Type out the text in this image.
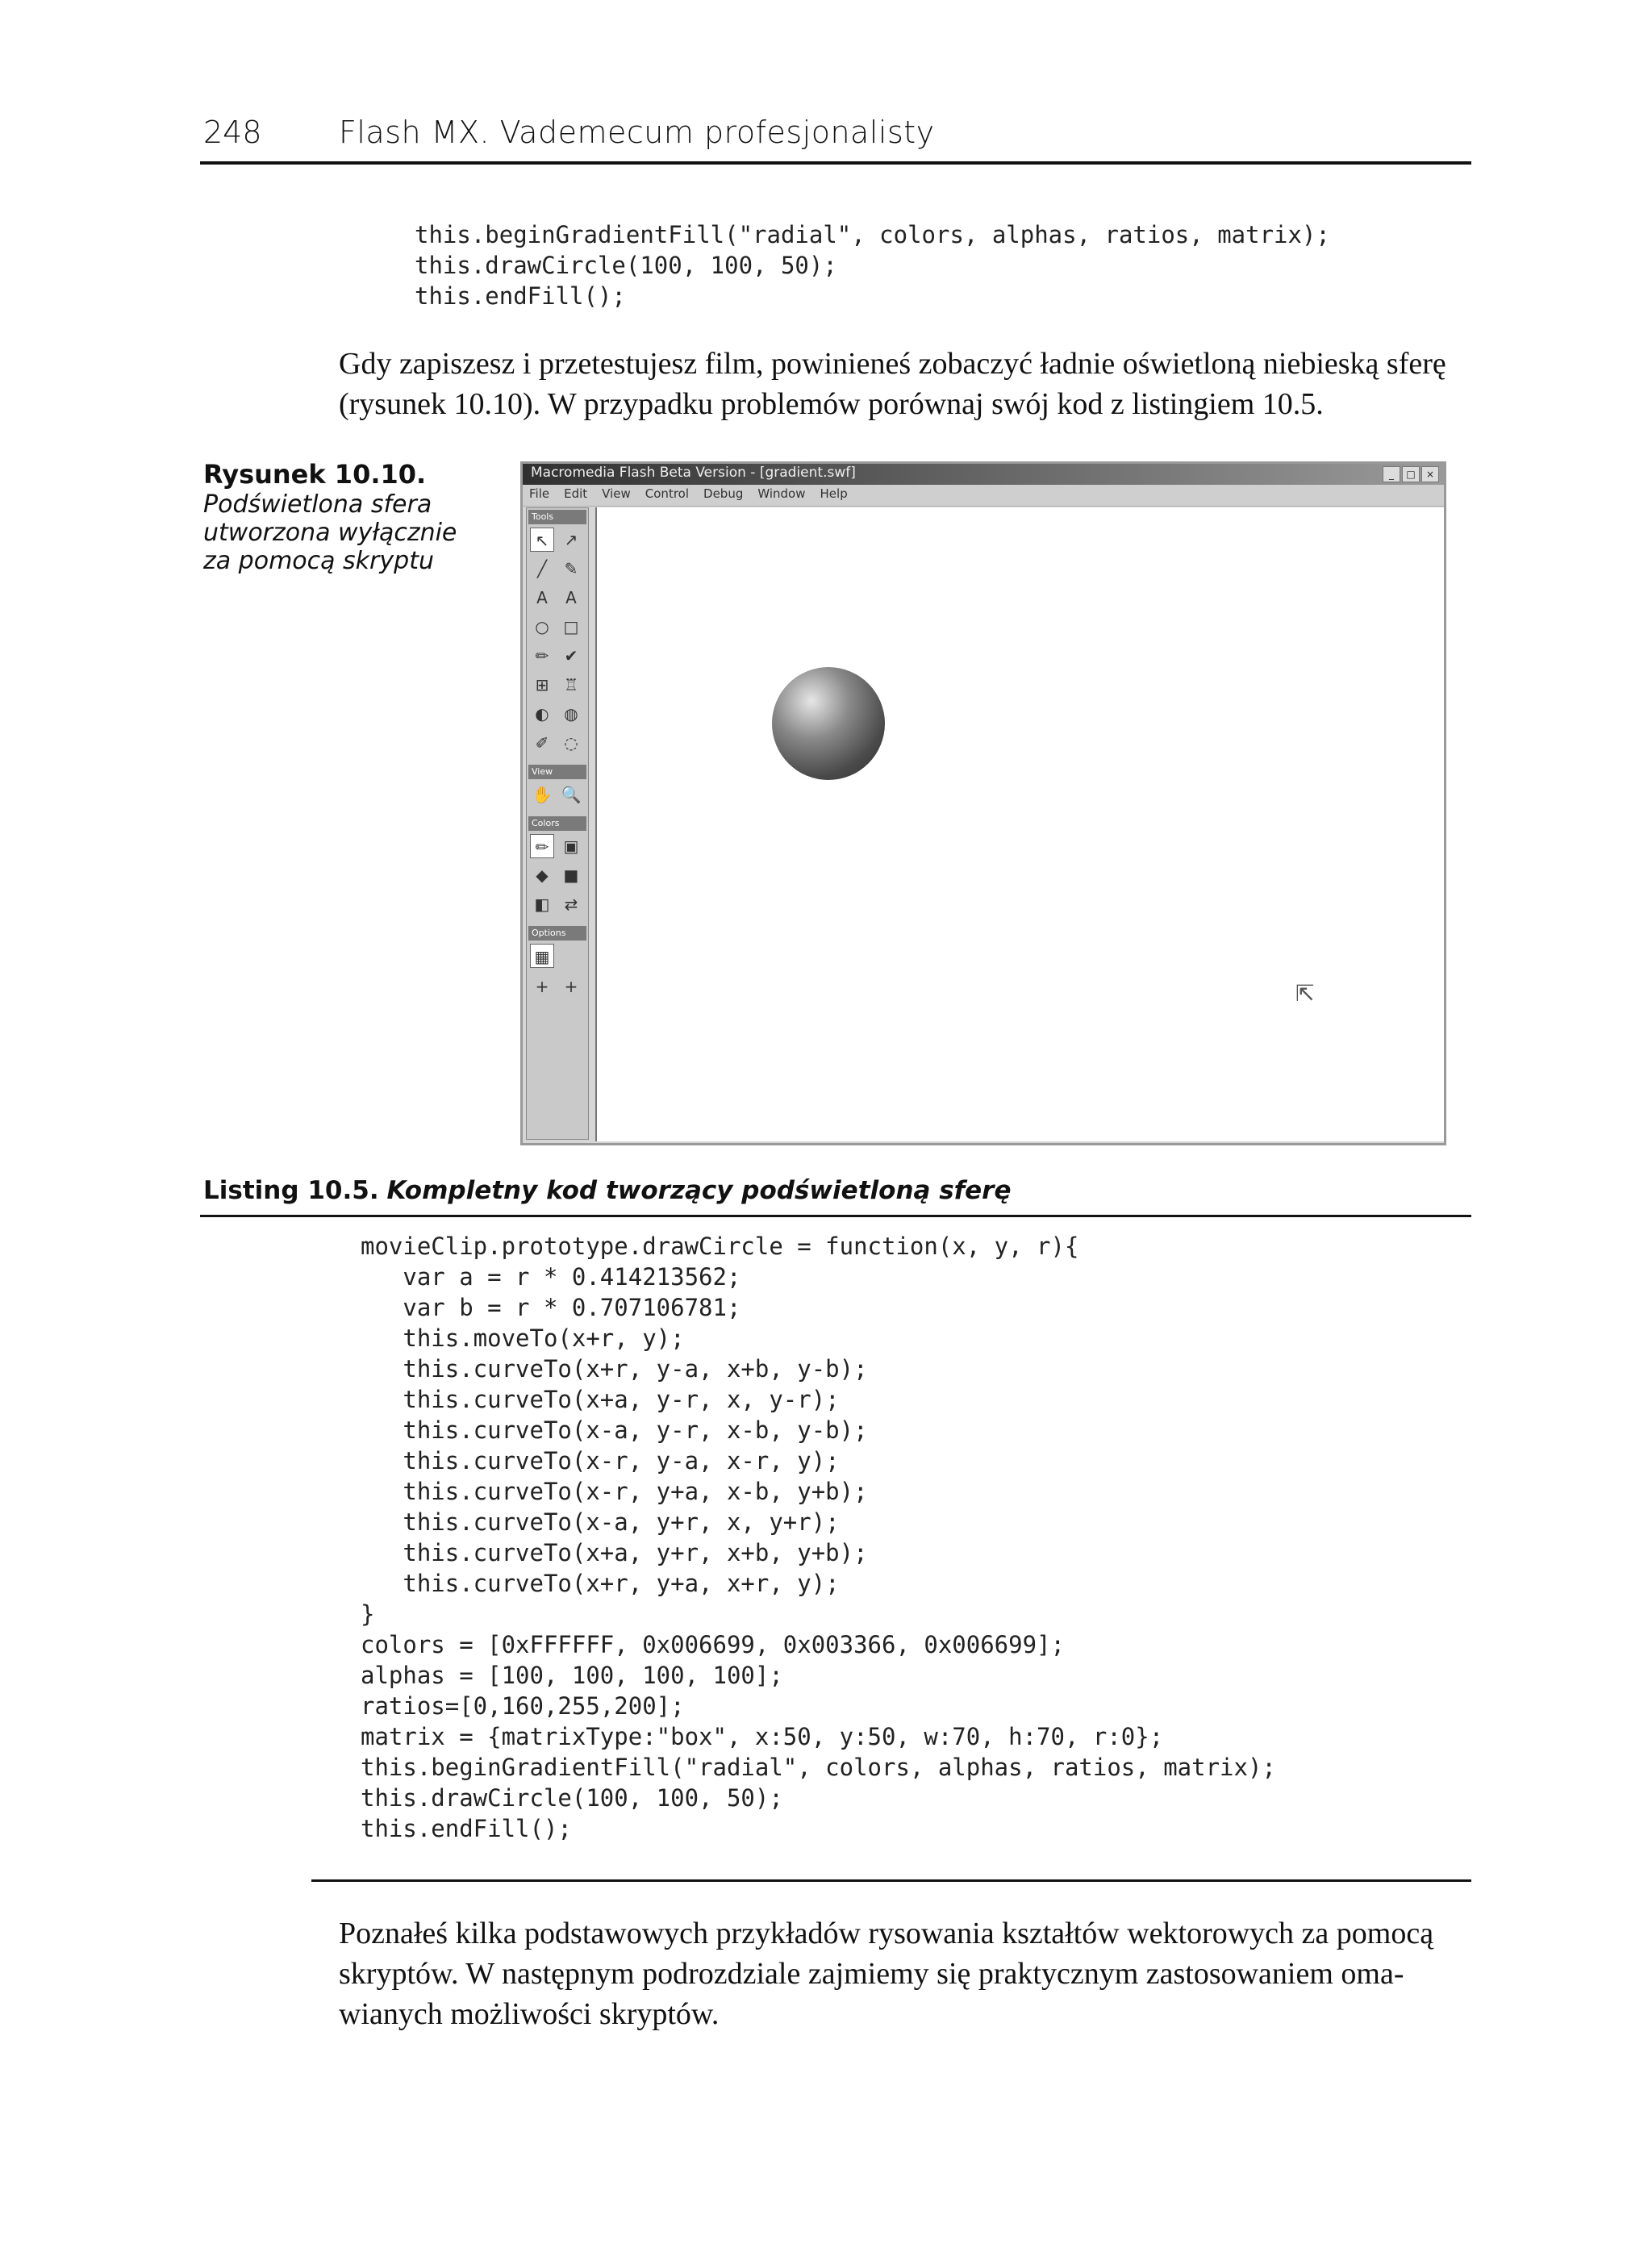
248	Flash MX. Vademecum profesjonalisty
this.beginGradientFill("radial", colors, alphas, ratios, matrix);
this.drawCircle(100, 100, 50);
this.endFill();
Gdy zapiszesz i przetestujesz film, powinieneś zobaczyć ładnie oświetloną niebieską sferę
(rysunek 10.10). W przypadku problemów porównaj swój kod z listingiem 10.5.
Rysunek 10.10.
Podświetlona sfera
utworzona wyłącznie
za pomocą skryptu
Macromedia Flash Beta Version - [gradient.swf]	_	□	×
File Edit View Control Debug Window Help
Tools
↖ ↗
╱	✎
A	A
○ □
✏ ✔
⊞ ♖
◐ ◍
✐ ◌
View
✋ 🔍
Colors
✏ ▣
◆ ■
◧ ⇄
Options
▦
+ +	⇱
Listing 10.5. Kompletny kod tworzący podświetloną sferę
movieClip.prototype.drawCircle = function(x, y, r){
var a = r * 0.414213562;
var b = r * 0.707106781;
this.moveTo(x+r, y);
this.curveTo(x+r, y-a, x+b, y-b);
this.curveTo(x+a, y-r, x, y-r);
this.curveTo(x-a, y-r, x-b, y-b);
this.curveTo(x-r, y-a, x-r, y);
this.curveTo(x-r, y+a, x-b, y+b);
this.curveTo(x-a, y+r, x, y+r);
this.curveTo(x+a, y+r, x+b, y+b);
this.curveTo(x+r, y+a, x+r, y);
}
colors = [0xFFFFFF, 0x006699, 0x003366, 0x006699];
alphas = [100, 100, 100, 100];
ratios=[0,160,255,200];
matrix = {matrixType:"box", x:50, y:50, w:70, h:70, r:0};
this.beginGradientFill("radial", colors, alphas, ratios, matrix);
this.drawCircle(100, 100, 50);
this.endFill();
Poznałeś kilka podstawowych przykładów rysowania kształtów wektorowych za pomocą
skryptów. W następnym podrozdziale zajmiemy się praktycznym zastosowaniem oma-
wianych możliwości skryptów.
